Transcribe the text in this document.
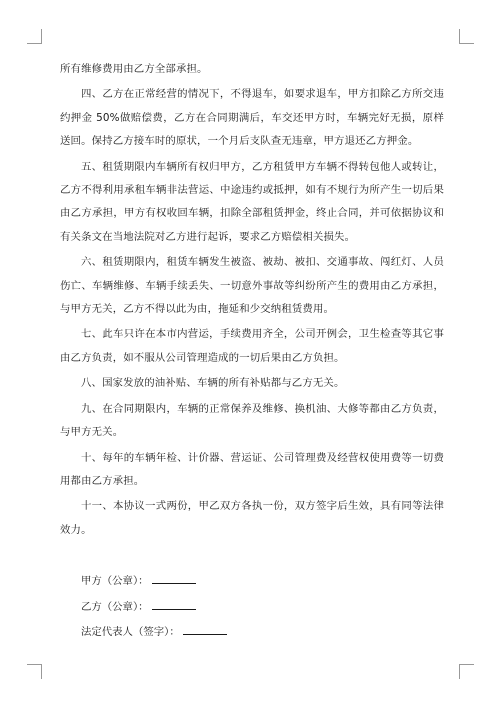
所有维修费用由乙方全部承担。

四、乙方在正常经营的情况下，不得退车，如要求退车，甲方扣除乙方所交违约押金 50%做赔偿费，乙方在合同期满后，车交还甲方时，车辆完好无损，原样送回。保持乙方接车时的原状，一个月后支队查无违章，甲方退还乙方押金。

五、租赁期限内车辆所有权归甲方，乙方租赁甲方车辆不得转包他人或转让，乙方不得利用承租车辆非法营运、中途违约或抵押，如有不规行为所产生一切后果由乙方承担，甲方有权收回车辆，扣除全部租赁押金，终止合同，并可依据协议和有关条文在当地法院对乙方进行起诉，要求乙方赔偿相关损失。

六、租赁期限内，租赁车辆发生被盗、被劫、被扣、交通事故、闯红灯、人员伤亡、车辆维修、车辆手续丢失、一切意外事故等纠纷所产生的费用由乙方承担，与甲方无关，乙方不得以此为由，拖延和少交纳租赁费用。

七、此车只许在本市内营运，手续费用齐全，公司开例会，卫生检查等其它事由乙方负责，如不服从公司管理造成的一切后果由乙方负担。

八、国家发放的油补贴、车辆的所有补贴都与乙方无关。

九、在合同期限内，车辆的正常保养及维修、换机油、大修等都由乙方负责，与甲方无关。

十、每年的车辆年检、计价器、营运证、公司管理费及经营权使用费等一切费用都由乙方承担。

十一、本协议一式两份，甲乙双方各执一份，双方签字后生效，具有同等法律效力。

甲方（公章）：
乙方（公章）：
法定代表人（签字）：
